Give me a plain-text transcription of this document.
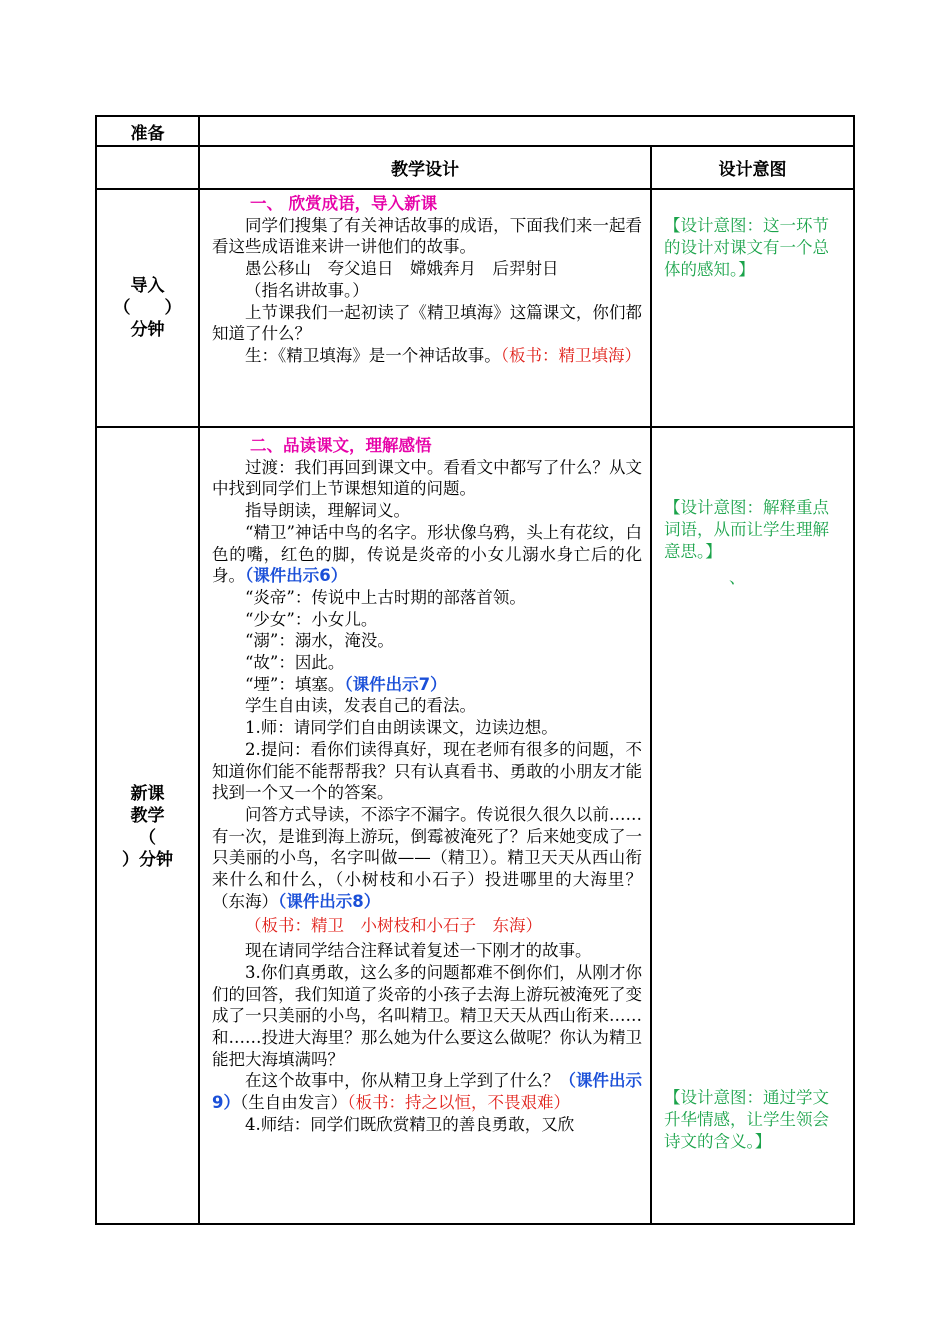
准备
教学设计	设计意图
导入
（　　）
分钟

一、 欣赏成语，导入新课

同学们搜集了有关神话故事的成语，下面我们来一起看看这些成语谁来讲一讲他们的故事。

愚公移山　夸父追日　嫦娥奔月　后羿射日

（指名讲故事。）

上节课我们一起初读了《精卫填海》这篇课文，你们都知道了什么？

生：《精卫填海》是一个神话故事。（板书：精卫填海）

【设计意图：这一环节的设计对课文有一个总体的感知。】
新课
教学
（
）分钟

二、品读课文，理解感悟

过渡：我们再回到课文中。看看文中都写了什么？从文中找到同学们上节课想知道的问题。

指导朗读，理解词义。

“精卫”神话中鸟的名字。形状像乌鸦，头上有花纹，白色的嘴，红色的脚，传说是炎帝的小女儿溺水身亡后的化身。（课件出示6）

“炎帝”：传说中上古时期的部落首领。

“少女”：小女儿。

“溺”：溺水，淹没。

“故”：因此。

“堙”：填塞。（课件出示7）

学生自由读，发表自己的看法。

1.师：请同学们自由朗读课文，边读边想。

2.提问：看你们读得真好，现在老师有很多的问题，不知道你们能不能帮帮我？只有认真看书、勇敢的小朋友才能找到一个又一个的答案。

问答方式导读，不添字不漏字。传说很久很久以前……有一次，是谁到海上游玩，倒霉被淹死了？后来她变成了一只美丽的小鸟，名字叫做——（精卫）。精卫天天从西山衔来什么和什么，（小树枝和小石子）投进哪里的大海里？（东海）（课件出示8）

（板书：精卫　小树枝和小石子　东海）

现在请同学结合注释试着复述一下刚才的故事。

3.你们真勇敢，这么多的问题都难不倒你们，从刚才你们的回答，我们知道了炎帝的小孩子去海上游玩被淹死了变成了一只美丽的小鸟，名叫精卫。精卫天天从西山衔来……和……投进大海里？那么她为什么要这么做呢？你认为精卫能把大海填满吗？

在这个故事中，你从精卫身上学到了什么？（课件出示9）（生自由发言）（板书：持之以恒，不畏艰难）

4.师结：同学们既欣赏精卫的善良勇敢，又欣

【设计意图：解释重点词语，从而让学生理解意思。】
、
【设计意图：通过学文升华情感，让学生领会诗文的含义。】
